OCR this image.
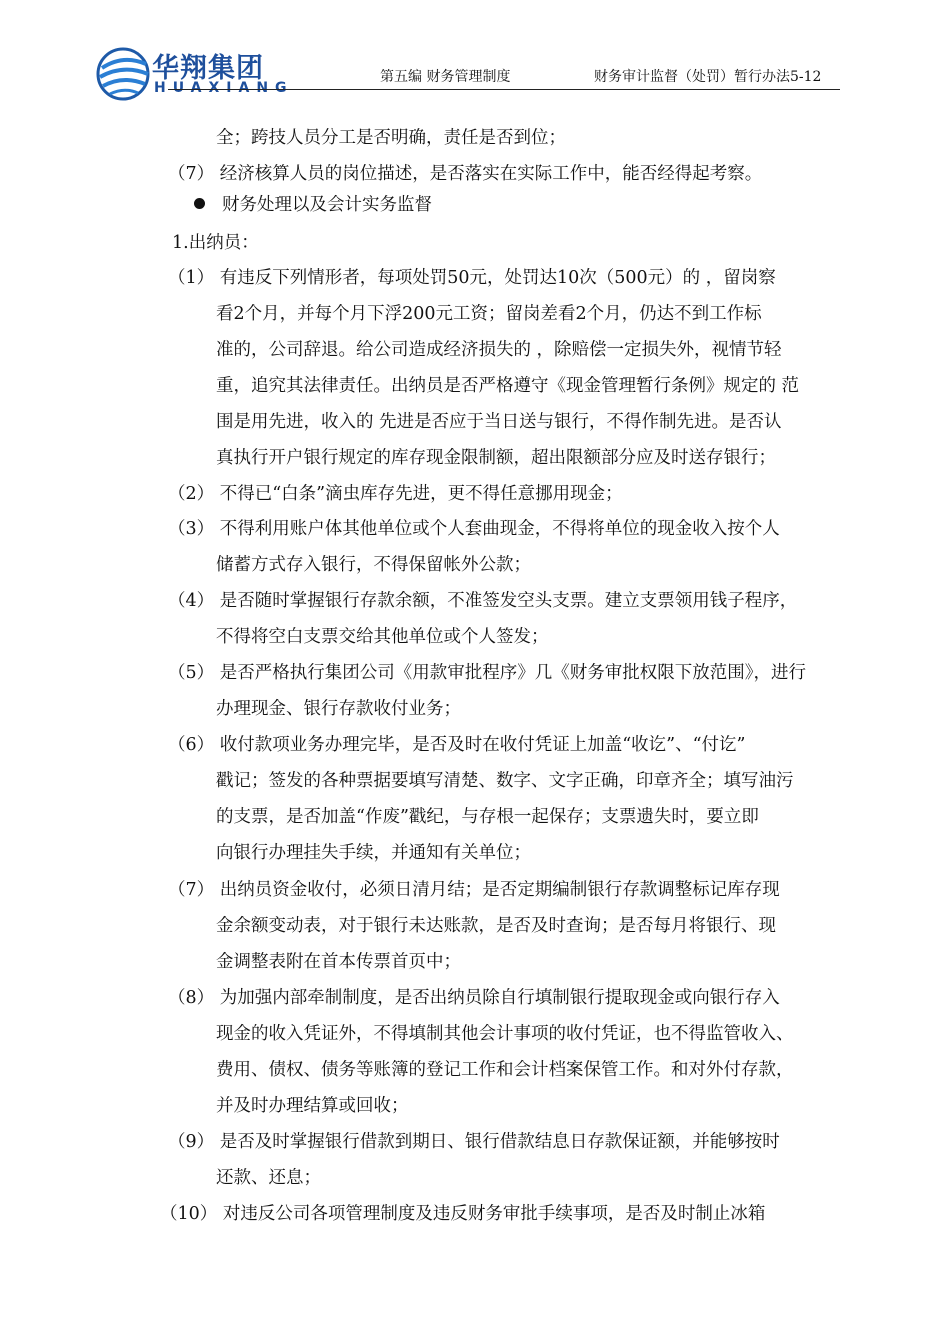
华翔集团
HUAXIANG
第五编 财务管理制度	财务审计监督（处罚）暂行办法5-12
全；跨技人员分工是否明确，责任是否到位；
（7） 经济核算人员的岗位描述，是否落实在实际工作中，能否经得起考察。
财务处理以及会计实务监督
1.出纳员：
（1） 有违反下列情形者，每项处罚50元，处罚达10次（500元）的 ，留岗察
看2个月，并每个月下浮200元工资；留岗差看2个月，仍达不到工作标
准的，公司辞退。给公司造成经济损失的 ，除赔偿一定损失外，视情节轻
重，追究其法律责任。出纳员是否严格遵守《现金管理暂行条例》规定的 范
围是用先进，收入的 先进是否应于当日送与银行，不得作制先进。是否认
真执行开户银行规定的库存现金限制额，超出限额部分应及时送存银行；
（2） 不得已“白条”滴虫库存先进，更不得任意挪用现金；
（3） 不得利用账户体其他单位或个人套曲现金，不得将单位的现金收入按个人
储蓄方式存入银行，不得保留帐外公款；
（4） 是否随时掌握银行存款余额，不准签发空头支票。建立支票领用钱子程序，
不得将空白支票交给其他单位或个人签发；
（5） 是否严格执行集团公司《用款审批程序》几《财务审批权限下放范围》，进行
办理现金、银行存款收付业务；
（6） 收付款项业务办理完毕，是否及时在收付凭证上加盖“收讫”、“付讫”
戳记；签发的各种票据要填写清楚、数字、文字正确，印章齐全；填写油污
的支票，是否加盖“作废”戳纪，与存根一起保存；支票遗失时，要立即
向银行办理挂失手续，并通知有关单位；
（7） 出纳员资金收付，必须日清月结；是否定期编制银行存款调整标记库存现
金余额变动表，对于银行未达账款，是否及时查询；是否每月将银行、现
金调整表附在首本传票首页中；
（8） 为加强内部牵制制度，是否出纳员除自行填制银行提取现金或向银行存入
现金的收入凭证外，不得填制其他会计事项的收付凭证，也不得监管收入、
费用、债权、债务等账簿的登记工作和会计档案保管工作。和对外付存款，
并及时办理结算或回收；
（9） 是否及时掌握银行借款到期日、银行借款结息日存款保证额，并能够按时
还款、还息；
（10） 对违反公司各项管理制度及违反财务审批手续事项，是否及时制止冰箱
